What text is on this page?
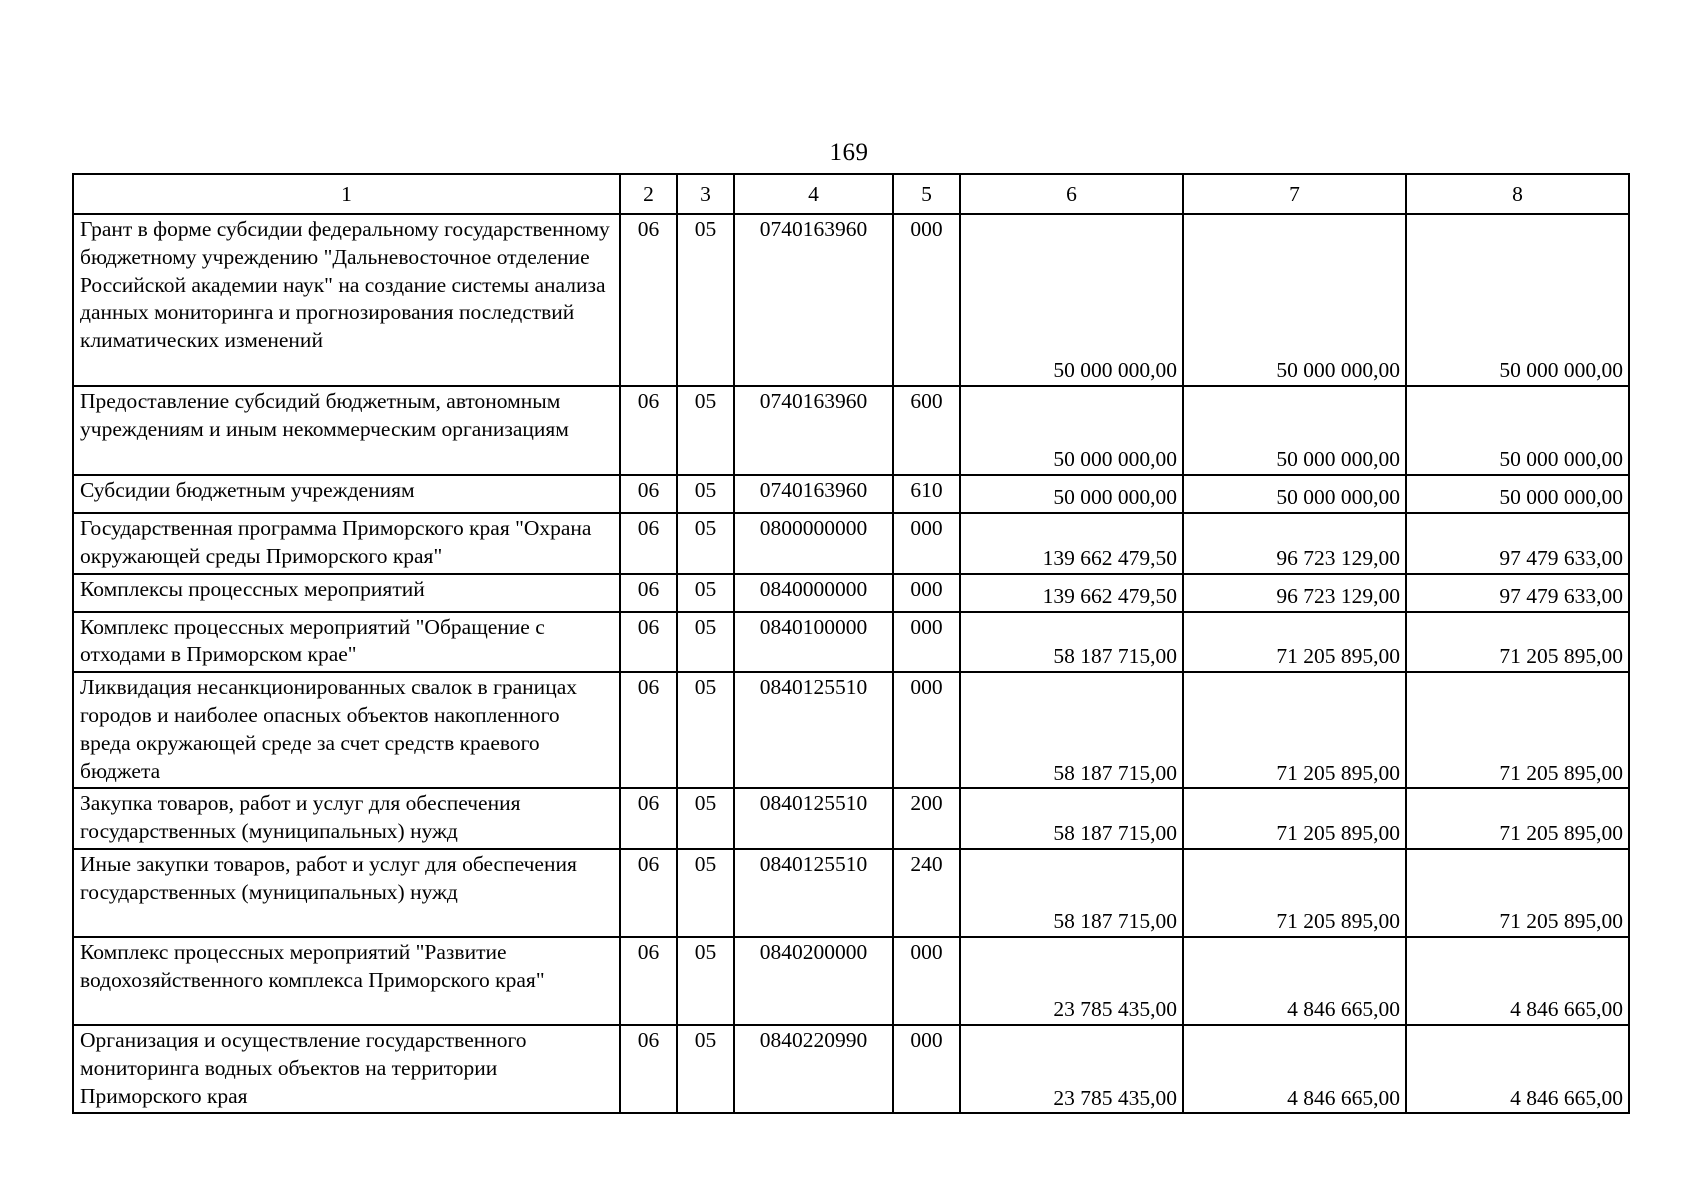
169
1	2	3	4	5	6	7	8
Грант в форме субсидии федеральному государственному бюджетному учреждению "Дальневосточное отделение Российской академии наук" на создание системы анализа данных мониторинга и прогнозирования последствий климатических изменений	06	05	0740163960	000	50 000 000,00	50 000 000,00	50 000 000,00
Предоставление субсидий бюджетным, автономным учреждениям и иным некоммерческим организациям	06	05	0740163960	600	50 000 000,00	50 000 000,00	50 000 000,00
Субсидии бюджетным учреждениям	06	05	0740163960	610	50 000 000,00	50 000 000,00	50 000 000,00
Государственная программа Приморского края "Охрана окружающей среды Приморского края"	06	05	0800000000	000	139 662 479,50	96 723 129,00	97 479 633,00
Комплексы процессных мероприятий	06	05	0840000000	000	139 662 479,50	96 723 129,00	97 479 633,00
Комплекс процессных мероприятий "Обращение с отходами в Приморском крае"	06	05	0840100000	000	58 187 715,00	71 205 895,00	71 205 895,00
Ликвидация несанкционированных свалок в границах городов и наиболее опасных объектов накопленного вреда окружающей среде за счет средств краевого бюджета	06	05	0840125510	000	58 187 715,00	71 205 895,00	71 205 895,00
Закупка товаров, работ и услуг для обеспечения государственных (муниципальных) нужд	06	05	0840125510	200	58 187 715,00	71 205 895,00	71 205 895,00
Иные закупки товаров, работ и услуг для обеспечения государственных (муниципальных) нужд	06	05	0840125510	240	58 187 715,00	71 205 895,00	71 205 895,00
Комплекс процессных мероприятий "Развитие водохозяйственного комплекса Приморского края"	06	05	0840200000	000	23 785 435,00	4 846 665,00	4 846 665,00
Организация и осуществление государственного мониторинга водных объектов на территории Приморского края	06	05	0840220990	000	23 785 435,00	4 846 665,00	4 846 665,00
